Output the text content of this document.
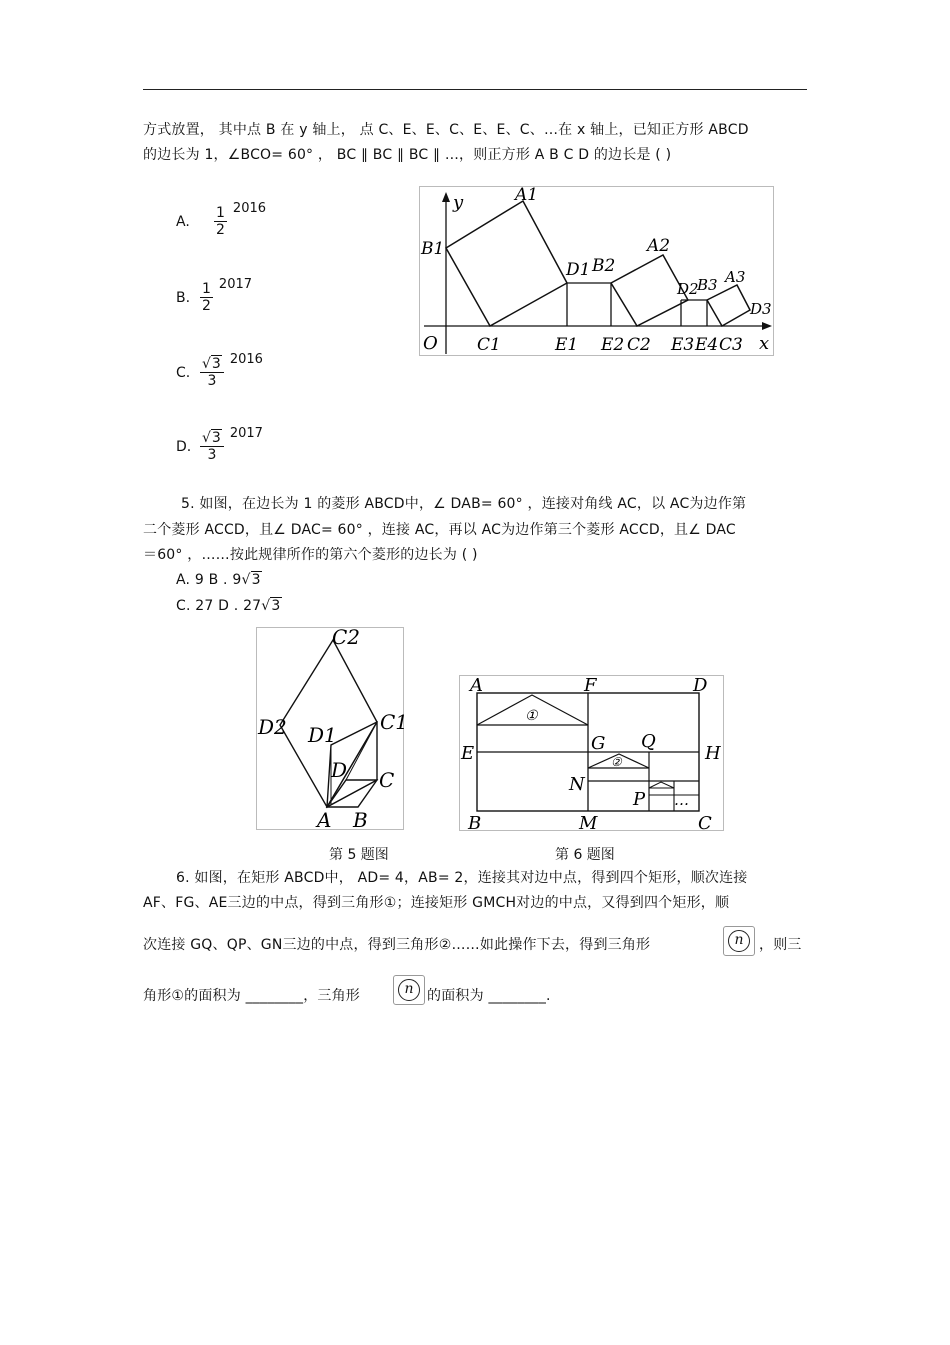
方式放置， 其中点 B 在 y 轴上， 点 C、E、E、C、E、E、C、…在 x 轴上，已知正方形 ABCD
的边长为 1，∠BCO= 60° ， BC ∥ BC ∥ BC ∥ …，则正方形 A B C D 的边长是 ( )
A. $\frac{1}{2} 2016$
B. $\frac{1}{2} 2017$
C. $\frac{√3}{3} 2016$
D. $\frac{√3}{3} 2017$
y
x
O
A1
B1
C1
D1 B2
E1 E2 C2
A2
D2
B3
E3 E4 C3
A3
D3
5. 如图，在边长为 1 的菱形 ABCD中，∠ DAB= 60° ，连接对角线 AC，以 AC为边作第
二个菱形 ACCD，且∠ DAC= 60° ，连接 AC，再以 AC为边作第三个菱形 ACCD，且∠ DAC
＝60° ，……按此规律所作的第六个菱形的边长为 ( )
A. 9 B . 9√3
C. 27 D . 27√3
C2
D2 D1
C1
D C
A B
A	F	D
E	G Q
H
N
P
B	M	C
①
②
…
第 5 题图	第 6 题图
6. 如图，在矩形 ABCD中， AD= 4，AB= 2，连接其对边中点，得到四个矩形，顺次连接
AF、FG、AE三边的中点，得到三角形①；连接矩形 GMCH对边的中点，又得到四个矩形，顺
次连接 GQ、QP、GN三边的中点，得到三角形②……如此操作下去，得到三角形	n	，则三
角形①的面积为 ________，三角形	n 的面积为 ________.
